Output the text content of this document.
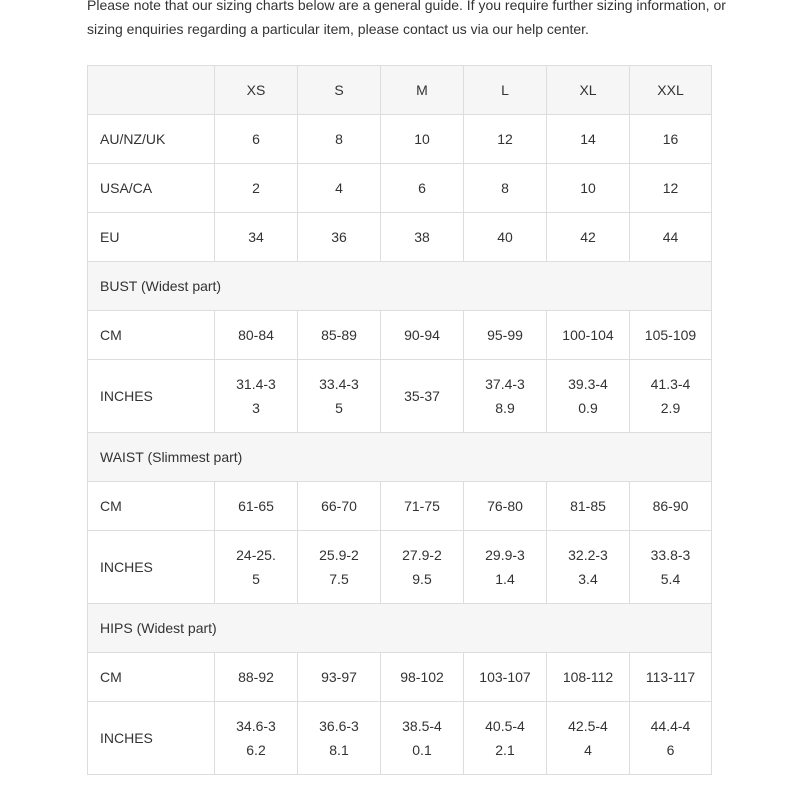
Please note that our sizing charts below are a general guide. If you require further sizing information, or sizing enquiries regarding a particular item, please contact us via our help center.

	XS	S	M	L	XL	XXL
AU/NZ/UK	6	8	10	12	14	16
USA/CA	2	4	6	8	10	12
EU	34	36	38	40	42	44
BUST (Widest part)						
CM	80-84	85-89	90-94	95-99	100-104	105-109
INCHES	31.4-33	33.4-35	35-37	37.4-38.9	39.3-40.9	41.3-42.9
WAIST (Slimmest part)						
CM	61-65	66-70	71-75	76-80	81-85	86-90
INCHES	24-25.5	25.9-27.5	27.9-29.5	29.9-31.4	32.2-33.4	33.8-35.4
HIPS (Widest part)						
CM	88-92	93-97	98-102	103-107	108-112	113-117
INCHES	34.6-36.2	36.6-38.1	38.5-40.1	40.5-42.1	42.5-44	44.4-46
